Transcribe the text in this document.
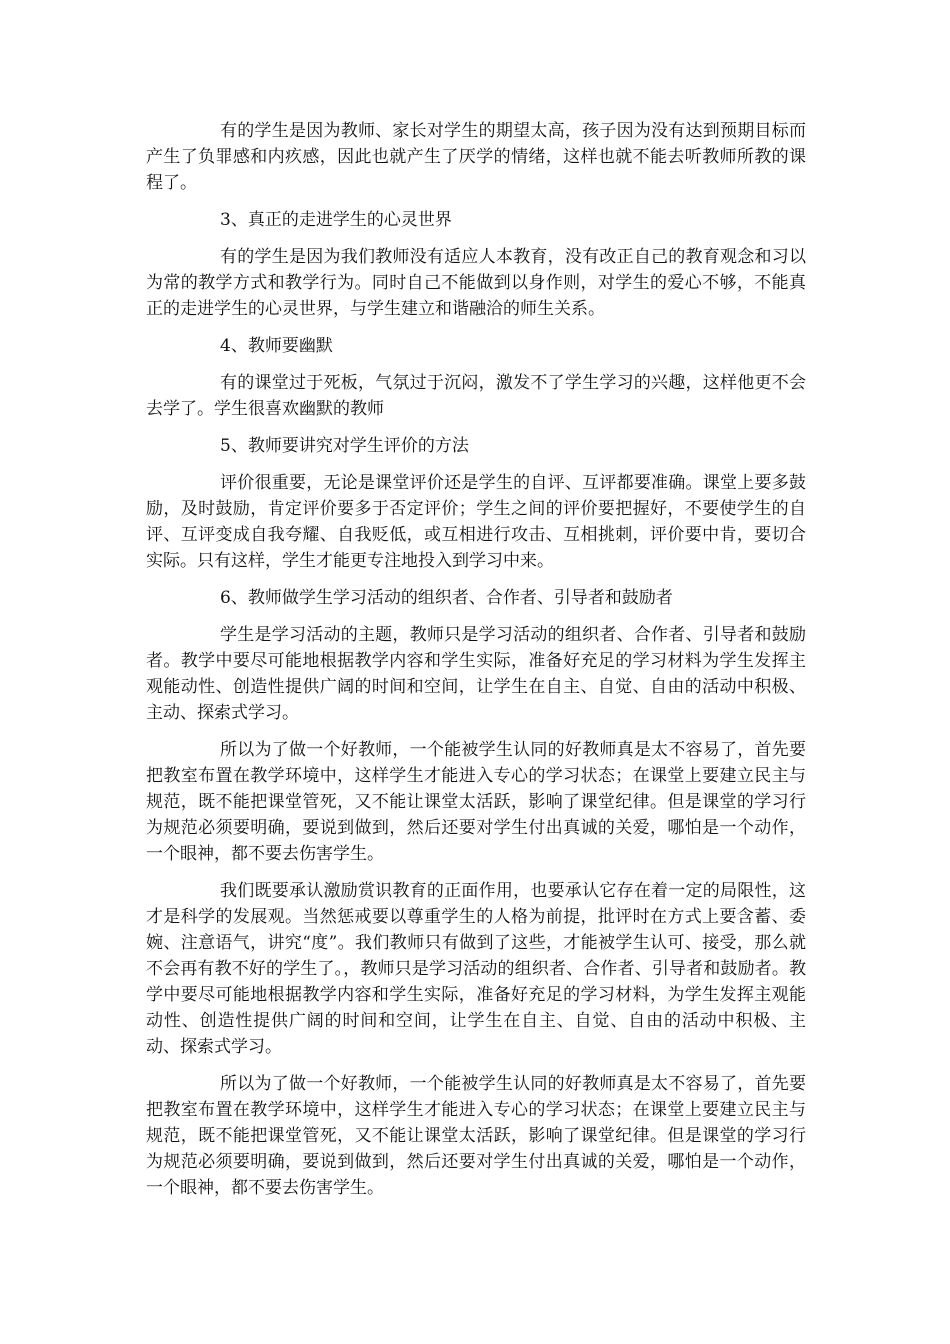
有的学生是因为教师、家长对学生的期望太高，孩子因为没有达到预期目标而产生了负罪感和内疚感，因此也就产生了厌学的情绪，这样也就不能去听教师所教的课程了。

3、真正的走进学生的心灵世界

有的学生是因为我们教师没有适应人本教育，没有改正自己的教育观念和习以为常的教学方式和教学行为。同时自己不能做到以身作则，对学生的爱心不够，不能真正的走进学生的心灵世界，与学生建立和谐融洽的师生关系。

4、教师要幽默

有的课堂过于死板，气氛过于沉闷，激发不了学生学习的兴趣，这样他更不会去学了。学生很喜欢幽默的教师

5、教师要讲究对学生评价的方法

评价很重要，无论是课堂评价还是学生的自评、互评都要准确。课堂上要多鼓励，及时鼓励，肯定评价要多于否定评价；学生之间的评价要把握好，不要使学生的自评、互评变成自我夸耀、自我贬低，或互相进行攻击、互相挑刺，评价要中肯，要切合实际。只有这样，学生才能更专注地投入到学习中来。

6、教师做学生学习活动的组织者、合作者、引导者和鼓励者

学生是学习活动的主题，教师只是学习活动的组织者、合作者、引导者和鼓励者。教学中要尽可能地根据教学内容和学生实际，准备好充足的学习材料为学生发挥主观能动性、创造性提供广阔的时间和空间，让学生在自主、自觉、自由的活动中积极、主动、探索式学习。

所以为了做一个好教师，一个能被学生认同的好教师真是太不容易了，首先要把教室布置在教学环境中，这样学生才能进入专心的学习状态；在课堂上要建立民主与规范，既不能把课堂管死，又不能让课堂太活跃，影响了课堂纪律。但是课堂的学习行为规范必须要明确，要说到做到，然后还要对学生付出真诚的关爱，哪怕是一个动作，一个眼神，都不要去伤害学生。

我们既要承认激励赏识教育的正面作用，也要承认它存在着一定的局限性，这才是科学的发展观。当然惩戒要以尊重学生的人格为前提，批评时在方式上要含蓄、委婉、注意语气，讲究“度”。我们教师只有做到了这些，才能被学生认可、接受，那么就不会再有教不好的学生了。，教师只是学习活动的组织者、合作者、引导者和鼓励者。教学中要尽可能地根据教学内容和学生实际，准备好充足的学习材料，为学生发挥主观能动性、创造性提供广阔的时间和空间，让学生在自主、自觉、自由的活动中积极、主动、探索式学习。

所以为了做一个好教师，一个能被学生认同的好教师真是太不容易了，首先要把教室布置在教学环境中，这样学生才能进入专心的学习状态；在课堂上要建立民主与规范，既不能把课堂管死，又不能让课堂太活跃，影响了课堂纪律。但是课堂的学习行为规范必须要明确，要说到做到，然后还要对学生付出真诚的关爱，哪怕是一个动作，一个眼神，都不要去伤害学生。
